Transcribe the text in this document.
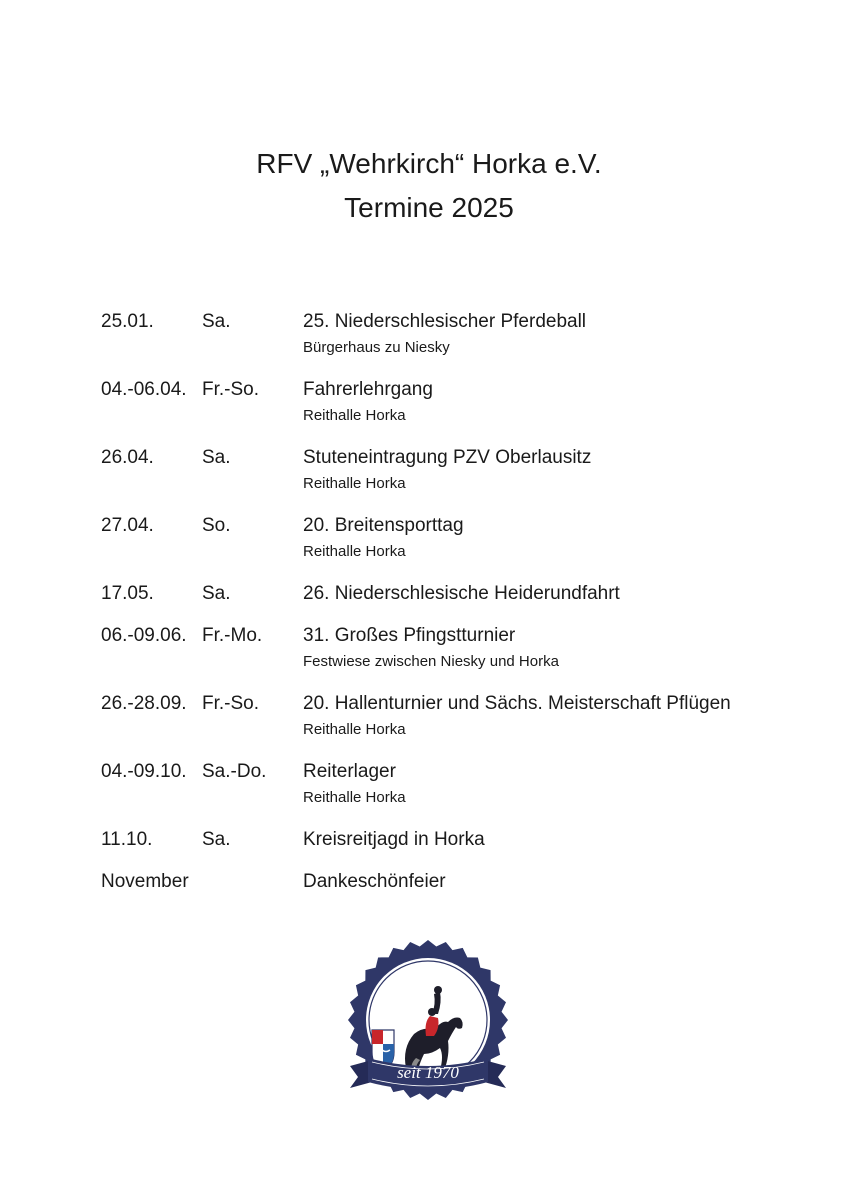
RFV „Wehrkirch“ Horka e.V.
Termine 2025
25.01.	Sa.	25. Niederschlesischer Pferdeball
Bürgerhaus zu Niesky
04.-06.04. Fr.-So.	Fahrerlehrgang
Reithalle Horka
26.04.	Sa.	Stuteneintragung PZV Oberlausitz
Reithalle Horka
27.04.	So.	20. Breitensporttag
Reithalle Horka
17.05.	Sa.	26. Niederschlesische Heiderundfahrt
06.-09.06. Fr.-Mo.	31. Großes Pfingstturnier
Festwiese zwischen Niesky und Horka
26.-28.09. Fr.-So.	20. Hallenturnier und Sächs. Meisterschaft Pflügen
Reithalle Horka
04.-09.10. Sa.-Do.	Reiterlager
Reithalle Horka
11.10.	Sa.	Kreisreitjagd in Horka
November	Dankeschönfeier
seit 1970
